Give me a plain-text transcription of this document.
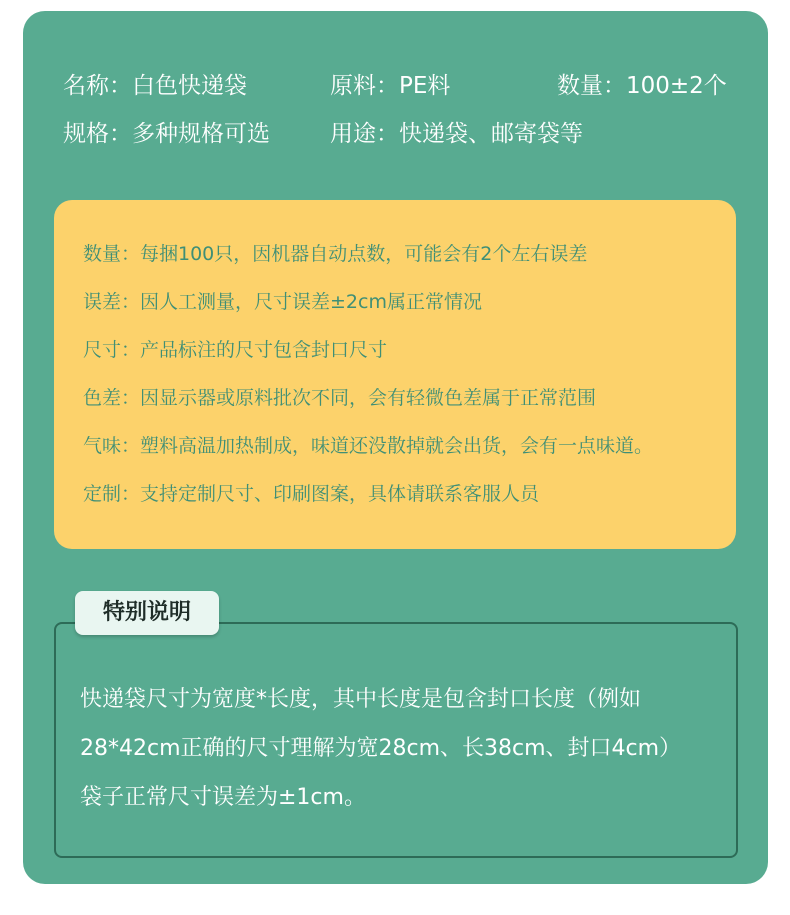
名称：白色快递袋	原料：PE料	数量：100±2个
规格：多种规格可选	用途：快递袋、邮寄袋等
数量：每捆100只，因机器自动点数，可能会有2个左右误差
误差：因人工测量，尺寸误差±2cm属正常情况
尺寸：产品标注的尺寸包含封口尺寸
色差：因显示器或原料批次不同，会有轻微色差属于正常范围
气味：塑料高温加热制成，味道还没散掉就会出货，会有一点味道。
定制：支持定制尺寸、印刷图案，具体请联系客服人员
特别说明
快递袋尺寸为宽度*长度，其中长度是包含封口长度（例如
28*42cm正确的尺寸理解为宽28cm、长38cm、封口4cm）
袋子正常尺寸误差为±1cm。
